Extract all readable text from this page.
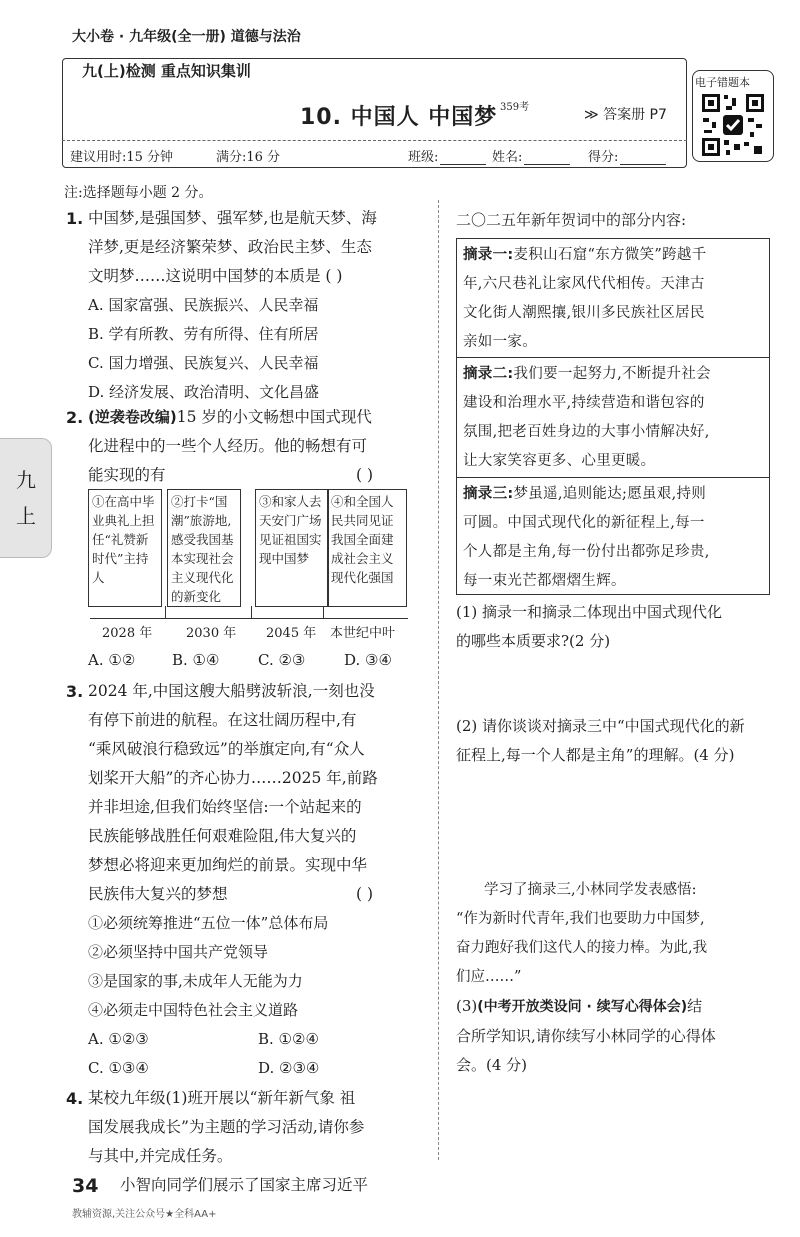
大小卷 · 九年级(全一册) 道德与法治
九(上)检测 重点知识集训
10. 中国人 中国梦 359考	≫ 答案册 P7
建议用时:15 分钟	满分:16 分	班级:	姓名:	得分:
电子错题本
九
上
注:选择题每小题 2 分。
1. 中国梦,是强国梦、强军梦,也是航天梦、海
洋梦,更是经济繁荣梦、政治民主梦、生态
文明梦……这说明中国梦的本质是 ( )
A. 国家富强、民族振兴、人民幸福
B. 学有所教、劳有所得、住有所居
C. 国力增强、民族复兴、人民幸福
D. 经济发展、政治清明、文化昌盛
2. (逆袭卷改编)15 岁的小文畅想中国式现代
化进程中的一些个人经历。他的畅想有可
能实现的有	( )
①在高中毕业典礼上担任“礼赞新时代”主持人
②打卡“国潮”旅游地,感受我国基本实现社会主义现代化的新变化
③和家人去天安门广场见证祖国实现中国梦
④和全国人民共同见证我国全面建成社会主义现代化强国
2028 年	2030 年 2045 年 本世纪中叶
A. ①② B. ①④	C. ②③	D. ③④
3. 2024 年,中国这艘大船劈波斩浪,一刻也没
有停下前进的航程。在这壮阔历程中,有
“乘风破浪行稳致远”的举旗定向,有“众人
划桨开大船”的齐心协力……2025 年,前路
并非坦途,但我们始终坚信:一个站起来的
民族能够战胜任何艰难险阻,伟大复兴的
梦想必将迎来更加绚烂的前景。实现中华
民族伟大复兴的梦想	( )
①必须统筹推进“五位一体”总体布局
②必须坚持中国共产党领导
③是国家的事,未成年人无能为力
④必须走中国特色社会主义道路
A. ①②③	B. ①②④
C. ①③④	D. ②③④
4. 某校九年级(1)班开展以“新年新气象 祖
国发展我成长”为主题的学习活动,请你参
与其中,并完成任务。
小智向同学们展示了国家主席习近平
二〇二五年新年贺词中的部分内容:
摘录一:麦积山石窟“东方微笑”跨越千
年,六尺巷礼让家风代代相传。天津古
文化街人潮熙攘,银川多民族社区居民
亲如一家。
摘录二:我们要一起努力,不断提升社会
建设和治理水平,持续营造和谐包容的
氛围,把老百姓身边的大事小情解决好,
让大家笑容更多、心里更暖。
摘录三:梦虽遥,追则能达;愿虽艰,持则
可圆。中国式现代化的新征程上,每一
个人都是主角,每一份付出都弥足珍贵,
每一束光芒都熠熠生辉。
(1) 摘录一和摘录二体现出中国式现代化
的哪些本质要求?(2 分)
(2) 请你谈谈对摘录三中“中国式现代化的新
征程上,每一个人都是主角”的理解。(4 分)
学习了摘录三,小林同学发表感悟:
“作为新时代青年,我们也要助力中国梦,
奋力跑好我们这代人的接力棒。为此,我
们应……”
(3)(中考开放类设问 · 续写心得体会)结
合所学知识,请你续写小林同学的心得体
会。(4 分)
34
教辅资源,关注公众号★全科AA+
